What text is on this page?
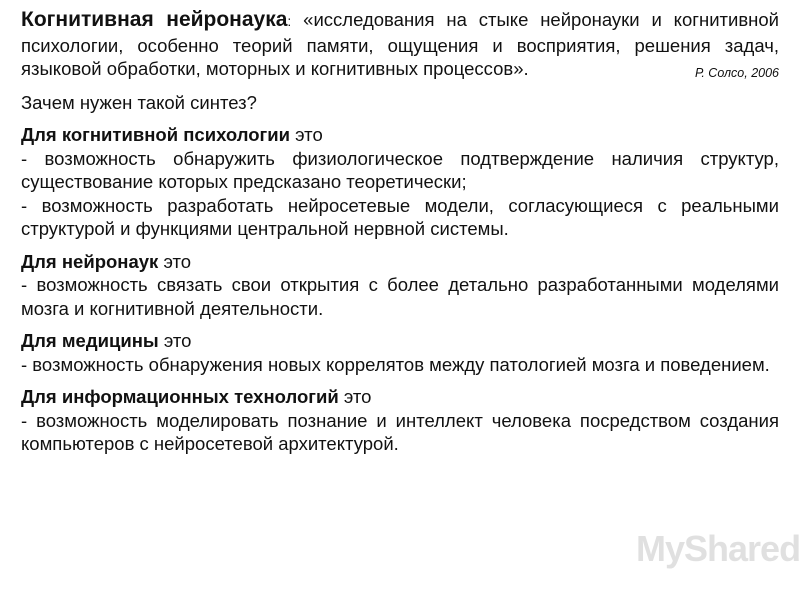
Когнитивная нейронаука: «исследования на стыке нейронауки и когнитивной психологии, особенно теорий памяти, ощущения и восприятия, решения задач, языковой обработки, моторных и когнитивных процессов».	Р. Солсо, 2006

Зачем нужен такой синтез?

Для когнитивной психологии это

- возможность обнаружить физиологическое подтверждение наличия структур, существование которых предсказано теоретически;

- возможность разработать нейросетевые модели, согласующиеся с реальными структурой и функциями центральной нервной системы.

Для нейронаук это

- возможность связать свои открытия с более детально разработанными моделями мозга и когнитивной деятельности.

Для медицины это

- возможность обнаружения новых коррелятов между патологией мозга и поведением.

Для информационных технологий это

- возможность моделировать познание и интеллект человека посредством создания компьютеров с нейросетевой архитектурой.

MyShared
